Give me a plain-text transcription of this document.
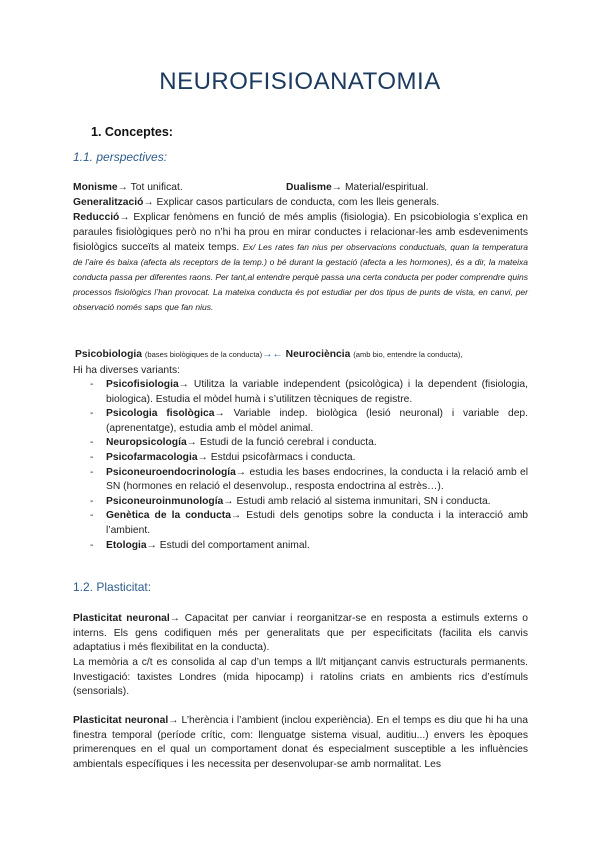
NEUROFISIOANATOMIA
1. Conceptes:
1.1. perspectives:
Monisme→ Tot unificat.	Dualisme→ Material/espiritual.
Generalització→ Explicar casos particulars de conducta, com les lleis generals.
Reducció→ Explicar fenòmens en funció de més amplis (fisiologia). En psicobiologia s’explica en paraules fisiològiques però no n’hi ha prou en mirar conductes i relacionar-les amb esdeveniments fisiològics succeïts al mateix temps. Ex/ Les rates fan nius per observacions conductuals, quan la temperatura de l’aire és baixa (afecta als receptors de la temp.) o bé durant la gestació (afecta a les hormones), és a dir, la mateixa conducta passa per diferentes raons. Per tant,al entendre perquè passa una certa conducta per poder comprendre quins processos fisiològics l’han provocat. La mateixa conducta és pot estudiar per dos tipus de punts de vista, en canvi, per observació només saps que fan nius.
Psicobiologia (bases biològiques de la conducta)→← Neurociència (amb bio, entendre la conducta),
Hi ha diverses variants:
- Psicofisiologia→ Utilitza la variable independent (psicològica) i la dependent (fisiologia, biologica). Estudia el mòdel humà i s’utilitzen tècniques de registre.
- Psicologia fisològica→ Variable indep. biològica (lesió neuronal) i variable dep. (aprenentatge), estudia amb el mòdel animal.
- Neuropsicología→ Estudi de la funció cerebral i conducta.
- Psicofarmacologia→ Estdui psicofàrmacs i conducta.
- Psiconeuroendocrinología→ estudia les bases endocrines, la conducta i la relació amb el SN (hormones en relació el desenvolup., resposta endoctrina al estrès…).
- Psiconeuroinmunología→ Estudi amb relació al sistema inmunitari, SN i conducta.
- Genètica de la conducta→ Estudi dels genotips sobre la conducta i la interacció amb l’ambient.
- Etologia→ Estudi del comportament animal.
1.2. Plasticitat:
Plasticitat neuronal→ Capacitat per canviar i reorganitzar-se en resposta a estimuls externs o interns. Els gens codifiquen més per generalitats que per especificitats (facilita els canvis adaptatius i més flexibilitat en la conducta).
La memòria a c/t es consolida al cap d’un temps a ll/t mitjançant canvis estructurals permanents. Investigació: taxistes Londres (mida hipocamp) i ratolins criats en ambients rics d’estímuls (sensorials).
Plasticitat neuronal→ L’herència i l’ambient (inclou experiència). En el temps es diu que hi ha una finestra temporal (període crític, com: llenguatge sistema visual, auditiu...) envers les èpoques primerenques en el qual un comportament donat és especialment susceptible a les influències ambientals específiques i les necessita per desenvolupar-se amb normalitat. Les
